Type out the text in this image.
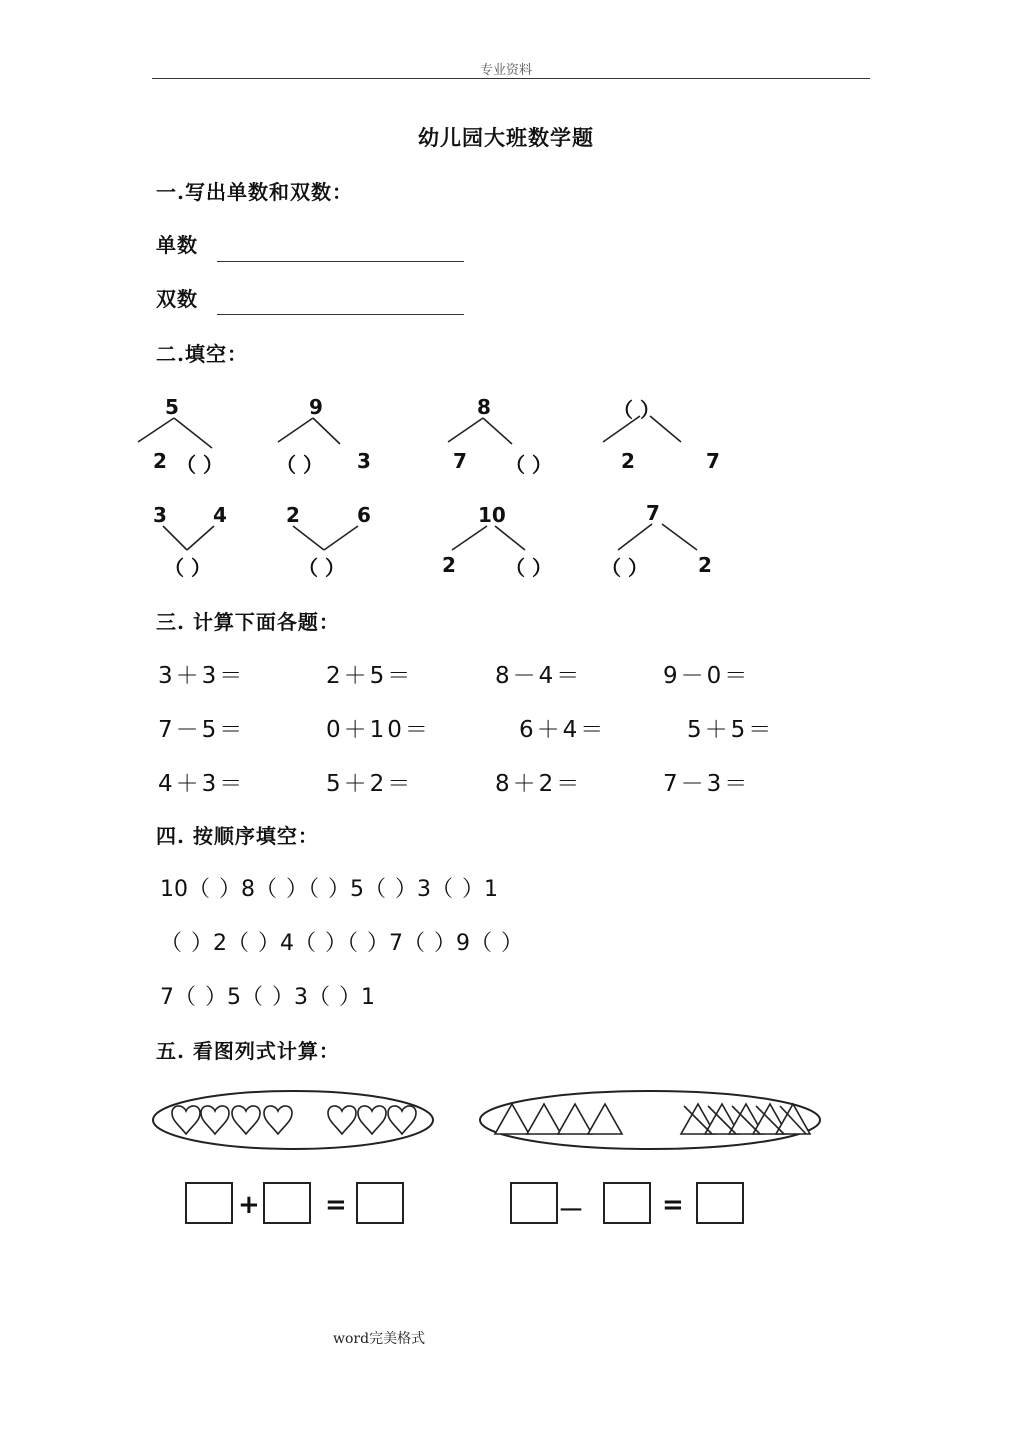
专业资料
幼儿园大班数学题
一.写出单数和双数：
单数
双数
二.填空：
5
2 （ ）
9
（ ） 3
8
7 （ ）
（ ）
2	7
3 4
（ ）
2	6
（ ）
10
2 （ ）
7
（ ）	2
三. 计算下面各题：
3＋3＝	2＋5＝	8－4＝	9－0＝
7－5＝	0＋10＝	6＋4＝	5＋5＝
4＋3＝	5＋2＝	8＋2＝	7－3＝
四. 按顺序填空：
10（ ）8（ ）（ ）5（ ）3（ ）1
（ ）2（ ）4（ ）（ ）7（ ）9（ ）
7（ ）5（ ）3（ ）1
五. 看图列式计算：
+	=	－	=
word完美格式
